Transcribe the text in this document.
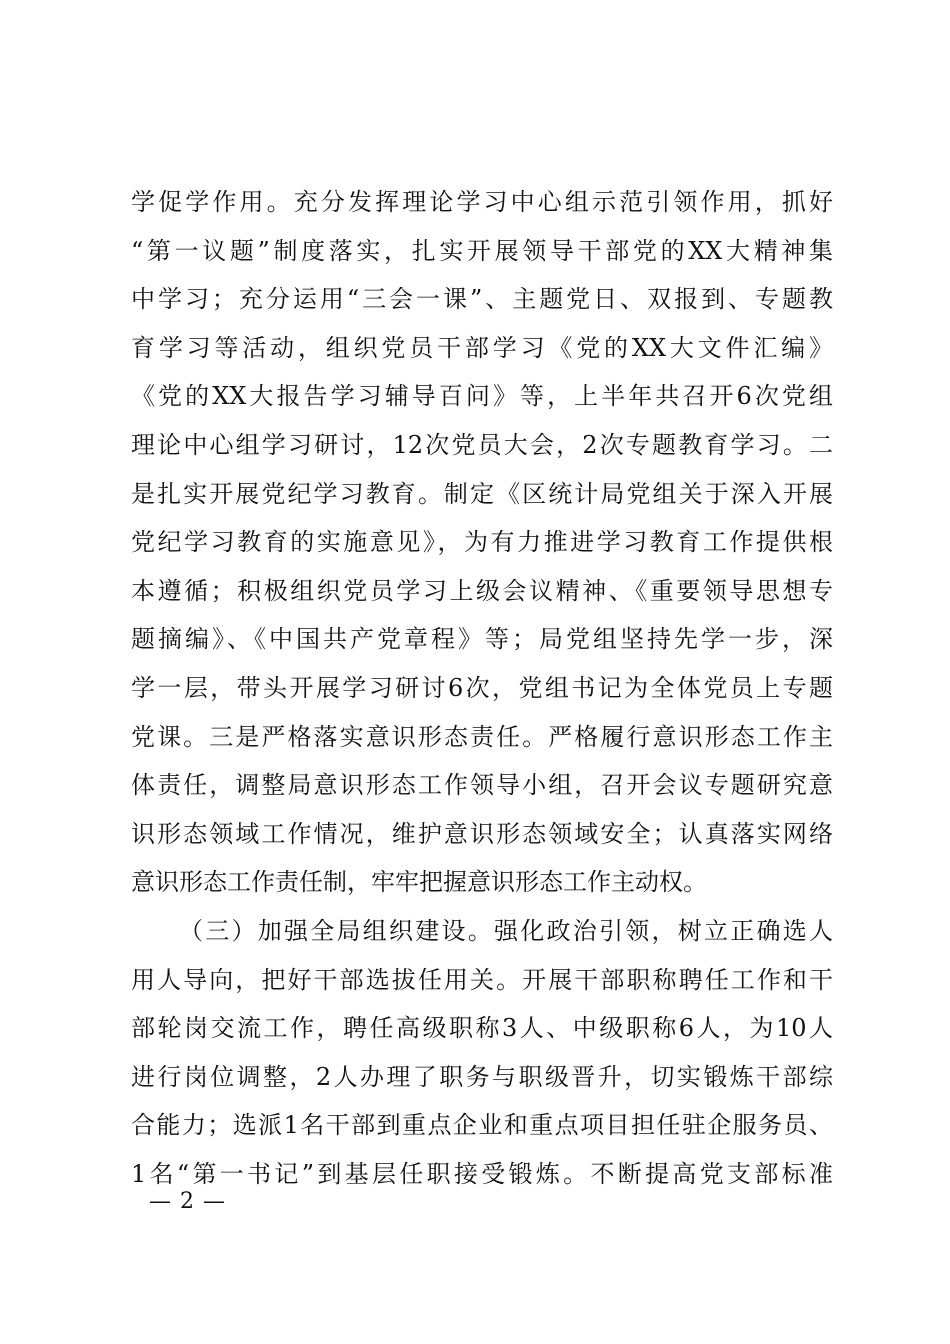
学促学作用。充分发挥理论学习中心组示范引领作用，抓好
“第一议题”制度落实，扎实开展领导干部党的XX大精神集
中学习；充分运用“三会一课”、主题党日、双报到、专题教
育学习等活动，组织党员干部学习《党的XX大文件汇编》
《党的XX大报告学习辅导百问》等，上半年共召开6次党组
理论中心组学习研讨，12次党员大会，2次专题教育学习。二
是扎实开展党纪学习教育。制定《区统计局党组关于深入开展
党纪学习教育的实施意见》，为有力推进学习教育工作提供根
本遵循；积极组织党员学习上级会议精神、《重要领导思想专
题摘编》、《中国共产党章程》等；局党组坚持先学一步，深
学一层，带头开展学习研讨6次，党组书记为全体党员上专题
党课。三是严格落实意识形态责任。严格履行意识形态工作主
体责任，调整局意识形态工作领导小组，召开会议专题研究意
识形态领域工作情况，维护意识形态领域安全；认真落实网络
意识形态工作责任制，牢牢把握意识形态工作主动权。
（三）加强全局组织建设。强化政治引领，树立正确选人
用人导向，把好干部选拔任用关。开展干部职称聘任工作和干
部轮岗交流工作，聘任高级职称3人、中级职称6人，为10人
进行岗位调整，2人办理了职务与职级晋升，切实锻炼干部综
合能力；选派1名干部到重点企业和重点项目担任驻企服务员、
1名“第一书记”到基层任职接受锻炼。不断提高党支部标准
— 2 —
